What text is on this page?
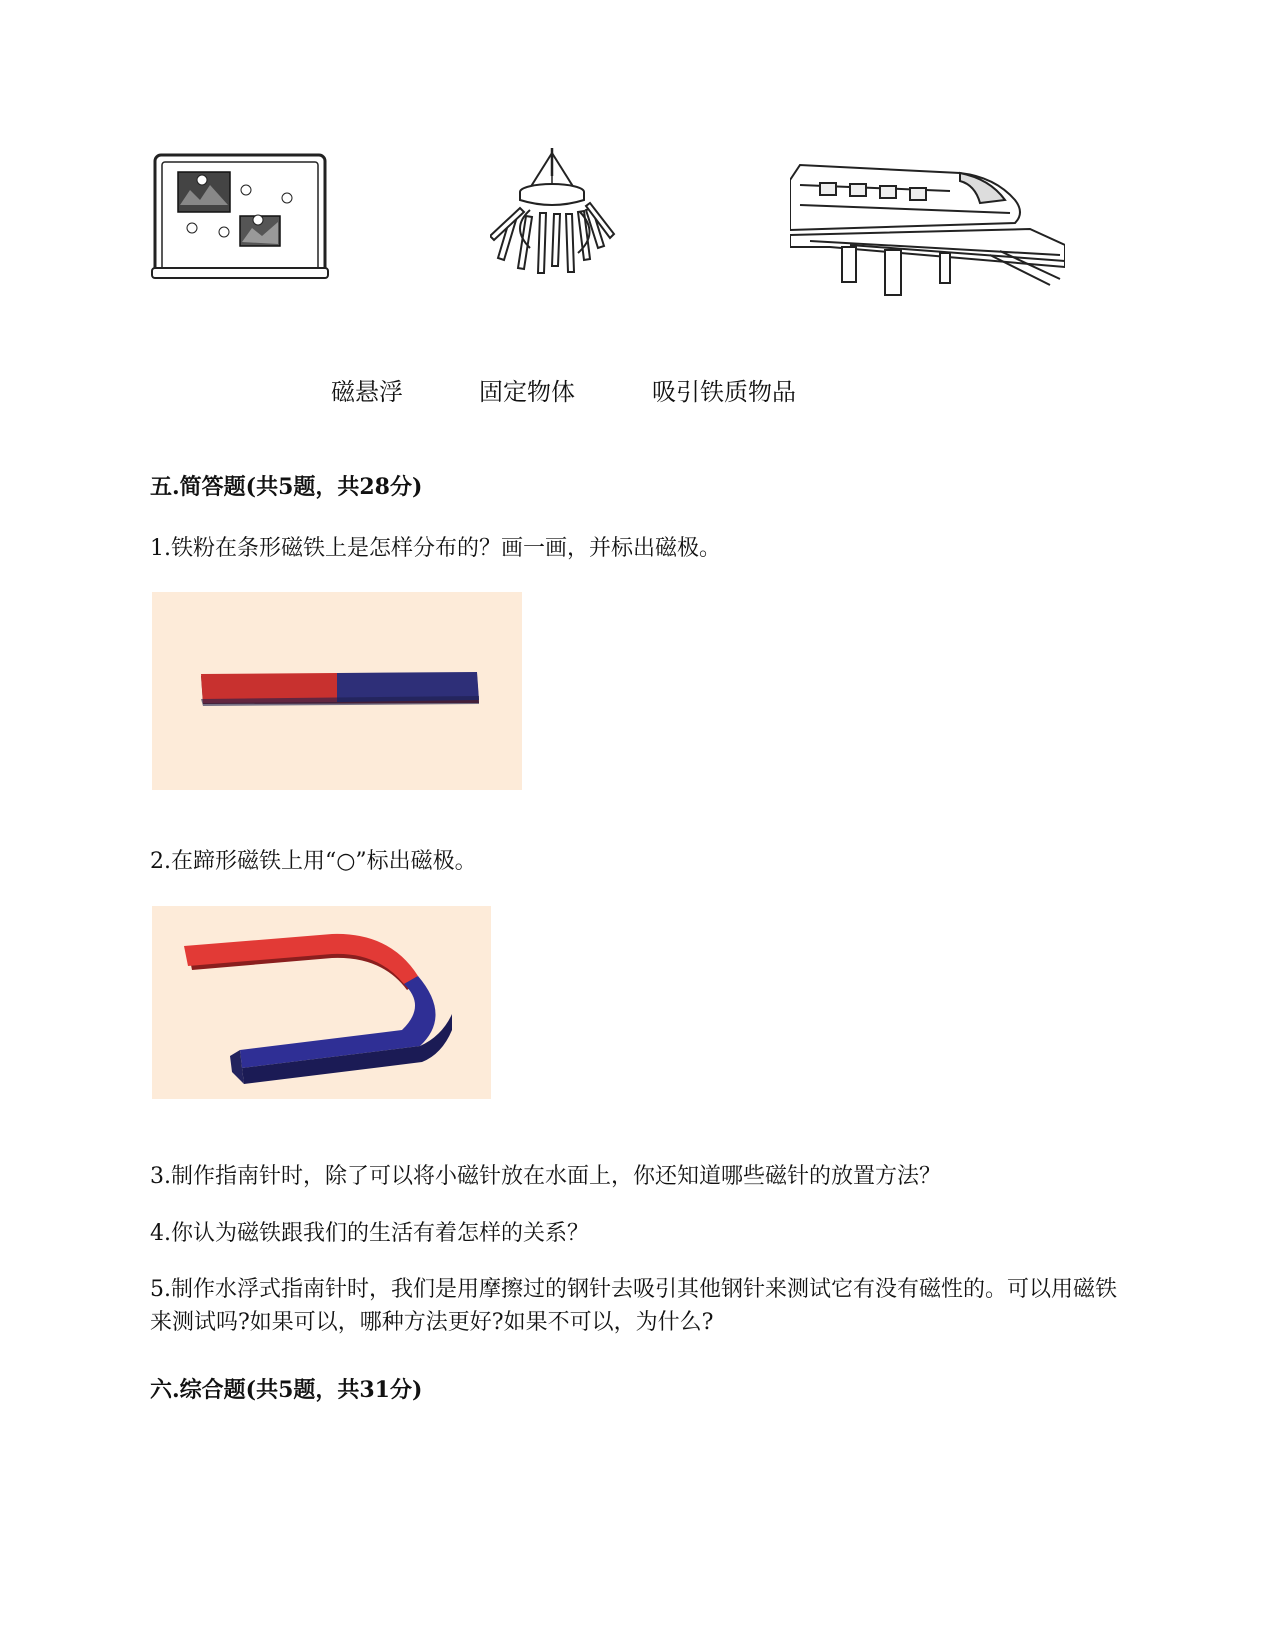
磁悬浮	固定物体	吸引铁质物品
五.简答题(共5题，共28分)
1.铁粉在条形磁铁上是怎样分布的？画一画，并标出磁极。
2.在蹄形磁铁上用“○”标出磁极。
3.制作指南针时，除了可以将小磁针放在水面上，你还知道哪些磁针的放置方法？
4.你认为磁铁跟我们的生活有着怎样的关系？
5.制作水浮式指南针时，我们是用摩擦过的钢针去吸引其他钢针来测试它有没有磁性的。可以用磁铁来测试吗?如果可以，哪种方法更好?如果不可以，为什么?
六.综合题(共5题，共31分)
